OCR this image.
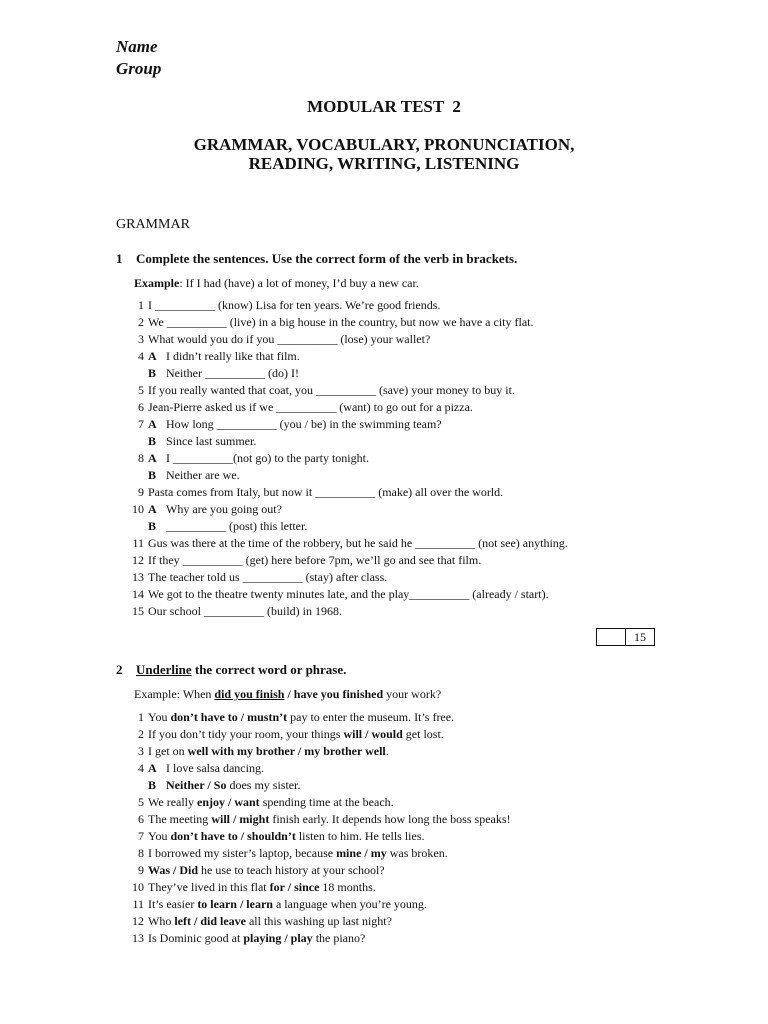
Name
Group
MODULAR TEST  2
GRAMMAR, VOCABULARY, PRONUNCIATION,
READING, WRITING, LISTENING
GRAMMAR
1 Complete the sentences. Use the correct form of the verb in brackets.
Example: If I had (have) a lot of money, I’d buy a new car.
1 I __________ (know) Lisa for ten years. We’re good friends.
2 We __________ (live) in a big house in the country, but now we have a city flat.
3 What would you do if you __________ (lose) your wallet?
4 A I didn’t really like that film.
B Neither __________ (do) I!
5 If you really wanted that coat, you __________ (save) your money to buy it.
6 Jean-Pierre asked us if we __________ (want) to go out for a pizza.
7 A How long __________ (you / be) in the swimming team?
B Since last summer.
8 A I __________(not go) to the party tonight.
B Neither are we.
9 Pasta comes from Italy, but now it __________ (make) all over the world.
10 A Why are you going out?
B __________ (post) this letter.
11 Gus was there at the time of the robbery, but he said he __________ (not see) anything.
12 If they __________ (get) here before 7pm, we’ll go and see that film.
13 The teacher told us __________ (stay) after class.
14 We got to the theatre twenty minutes late, and the play__________ (already / start).
15 Our school __________ (build) in 1968.
15
2 Underline the correct word or phrase.
Example: When did you finish / have you finished your work?
1 You don’t have to / mustn’t pay to enter the museum. It’s free.
2 If you don’t tidy your room, your things will / would get lost.
3 I get on well with my brother / my brother well.
4 A I love salsa dancing.
B Neither / So does my sister.
5 We really enjoy / want spending time at the beach.
6 The meeting will / might finish early. It depends how long the boss speaks!
7 You don’t have to / shouldn’t listen to him. He tells lies.
8 I borrowed my sister’s laptop, because mine / my was broken.
9 Was / Did he use to teach history at your school?
10 They’ve lived in this flat for / since 18 months.
11 It’s easier to learn / learn a language when you’re young.
12 Who left / did leave all this washing up last night?
13 Is Dominic good at playing / play the piano?
